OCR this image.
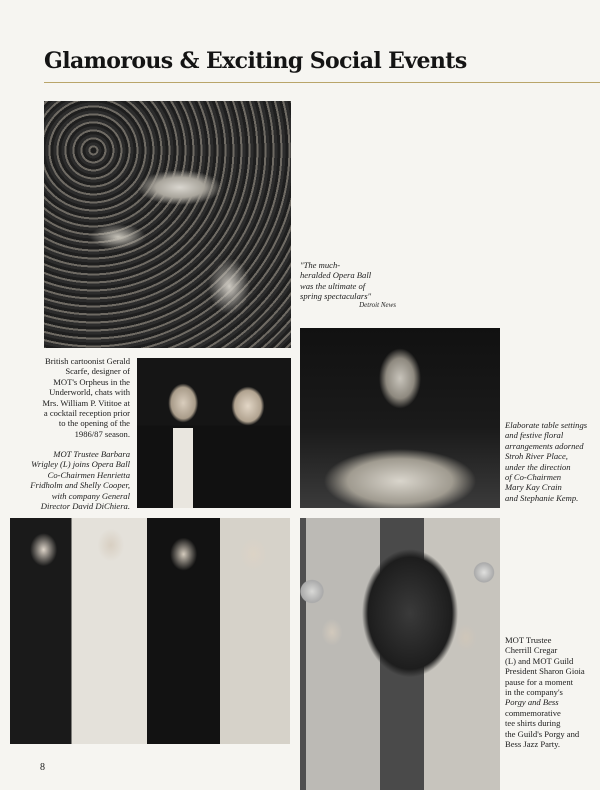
Glamorous & Exciting Social Events
British cartoonist Gerald
Scarfe, designer of
MOT's Orpheus in the
Underworld, chats with
Mrs. William P. Vititoe at
a cocktail reception prior
to the opening of the
1986/87 season.
MOT Trustee Barbara
Wrigley (L) joins Opera Ball
Co-Chairmen Henrietta
Fridholm and Shelly Cooper,
with company General
Director David DiChiera.
"The much-
heralded Opera Ball
was the ultimate of
spring spectaculars"
Detroit News
Elaborate table settings
and festive floral
arrangements adorned
Stroh River Place,
under the direction
of Co-Chairmen
Mary Kay Crain
and Stephanie Kemp.
MOT Trustee
Cherrill Cregar
(L) and MOT Guild
President Sharon Gioia
pause for a moment
in the company's
Porgy and Bess
commemorative
tee shirts during
the Guild's Porgy and
Bess Jazz Party.
8
